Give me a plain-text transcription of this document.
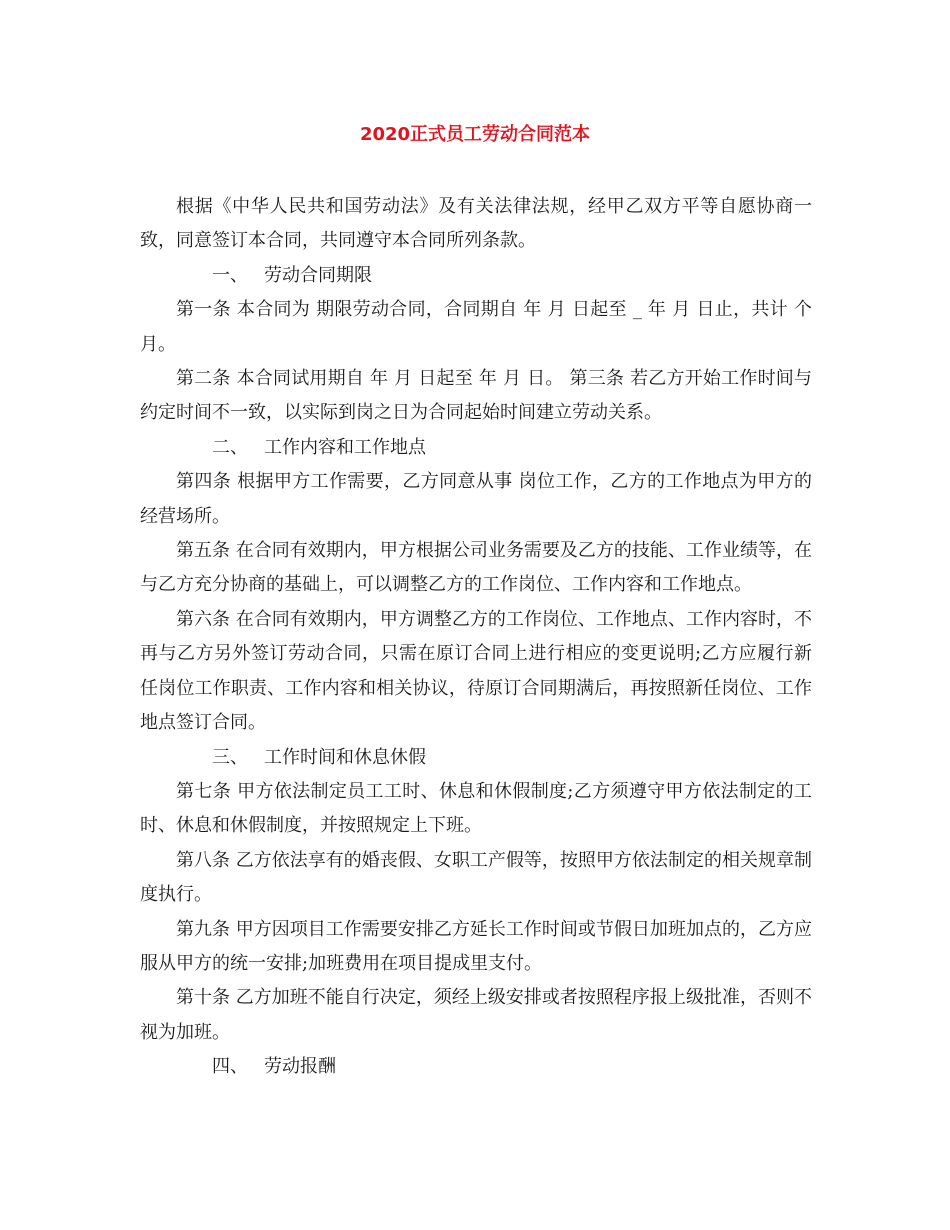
2020正式员工劳动合同范本

根据《中华人民共和国劳动法》及有关法律法规，经甲乙双方平等自愿协商一致，同意签订本合同，共同遵守本合同所列条款。

一、 劳动合同期限

第一条 本合同为 期限劳动合同，合同期自 年 月 日起至 _ 年 月 日止，共计 个月。

第二条 本合同试用期自 年 月 日起至 年 月 日。 第三条 若乙方开始工作时间与约定时间不一致，以实际到岗之日为合同起始时间建立劳动关系。

二、 工作内容和工作地点

第四条 根据甲方工作需要，乙方同意从事 岗位工作，乙方的工作地点为甲方的经营场所。

第五条 在合同有效期内，甲方根据公司业务需要及乙方的技能、工作业绩等，在与乙方充分协商的基础上，可以调整乙方的工作岗位、工作内容和工作地点。

第六条 在合同有效期内，甲方调整乙方的工作岗位、工作地点、工作内容时，不再与乙方另外签订劳动合同，只需在原订合同上进行相应的变更说明;乙方应履行新任岗位工作职责、工作内容和相关协议，待原订合同期满后，再按照新任岗位、工作地点签订合同。

三、 工作时间和休息休假

第七条 甲方依法制定员工工时、休息和休假制度;乙方须遵守甲方依法制定的工时、休息和休假制度，并按照规定上下班。

第八条 乙方依法享有的婚丧假、女职工产假等，按照甲方依法制定的相关规章制度执行。

第九条 甲方因项目工作需要安排乙方延长工作时间或节假日加班加点的，乙方应服从甲方的统一安排;加班费用在项目提成里支付。

第十条 乙方加班不能自行决定，须经上级安排或者按照程序报上级批准，否则不视为加班。

四、 劳动报酬
